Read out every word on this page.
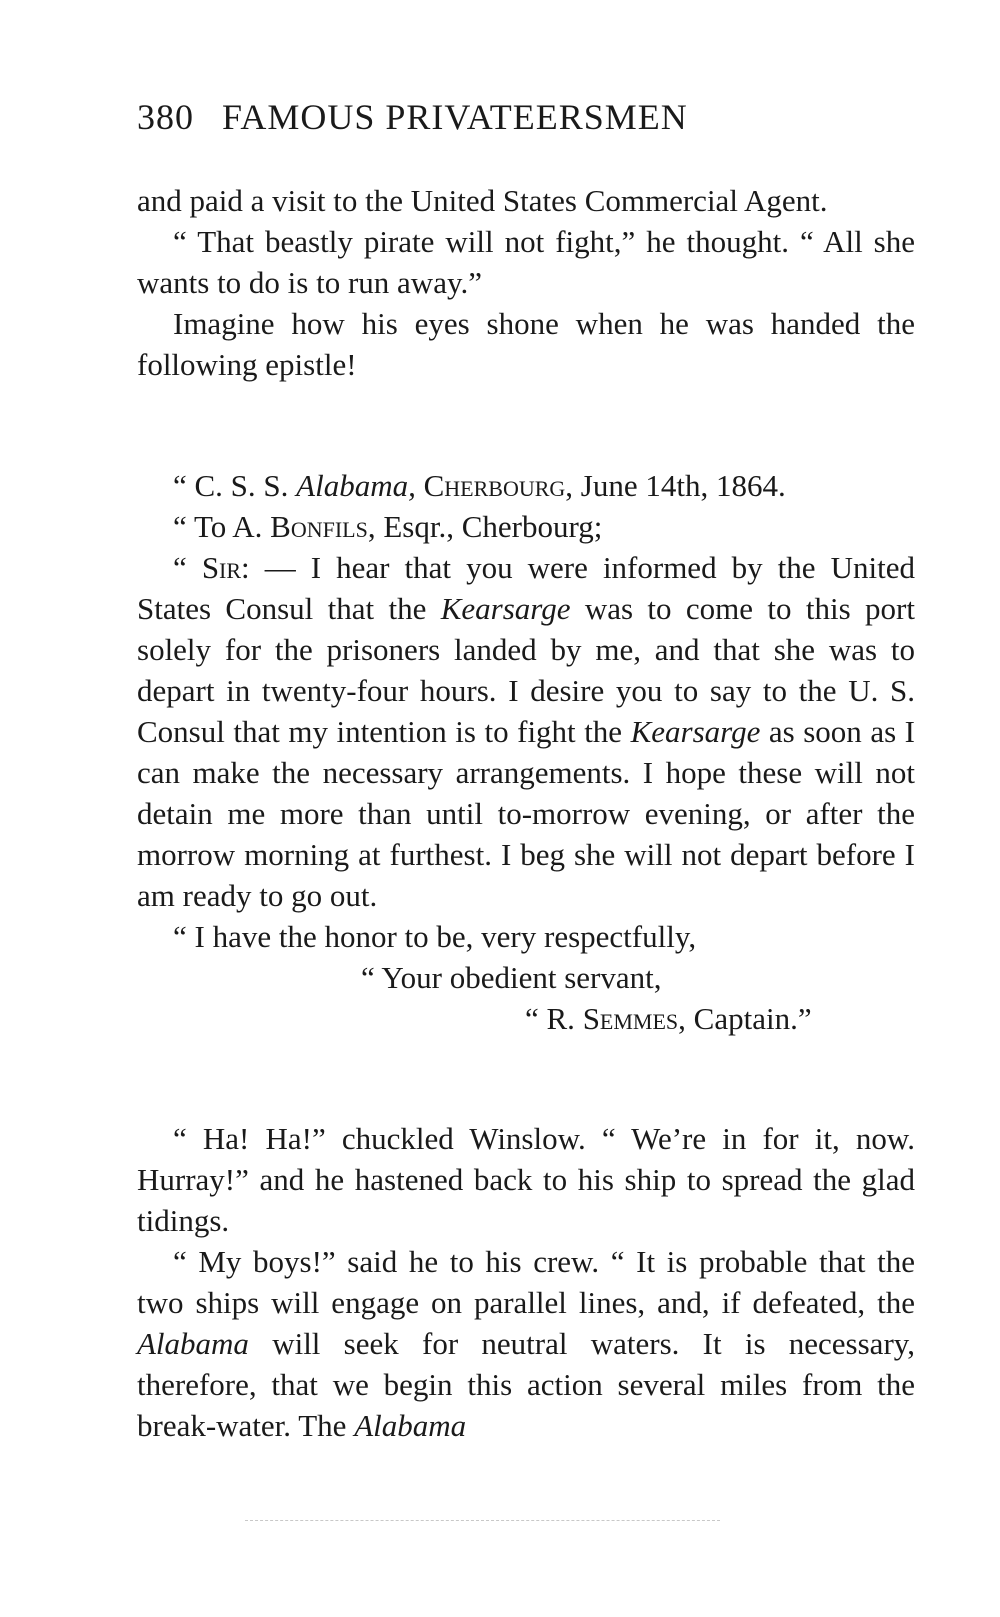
380 FAMOUS PRIVATEERSMEN

and paid a visit to the United States Commercial Agent.

“ That beastly pirate will not fight,” he thought. “ All she wants to do is to run away.”

Imagine how his eyes shone when he was handed the following epistle!

“ C. S. S. Alabama, Cherbourg, June 14th, 1864.

“ To A. Bonfils, Esqr., Cherbourg;

“ Sir: — I hear that you were informed by the United States Consul that the Kearsarge was to come to this port solely for the prisoners landed by me, and that she was to depart in twenty-four hours. I desire you to say to the U. S. Consul that my intention is to fight the Kearsarge as soon as I can make the necessary arrangements. I hope these will not detain me more than until to-morrow evening, or after the morrow morning at furthest. I beg she will not depart before I am ready to go out.

“ I have the honor to be, very respectfully,

“ Your obedient servant,

“ R. Semmes, Captain.”

“ Ha! Ha!” chuckled Winslow. “ We’re in for it, now. Hurray!” and he hastened back to his ship to spread the glad tidings.

“ My boys!” said he to his crew. “ It is probable that the two ships will engage on parallel lines, and, if defeated, the Alabama will seek for neutral waters. It is necessary, therefore, that we begin this action several miles from the break-water. The Alabama
